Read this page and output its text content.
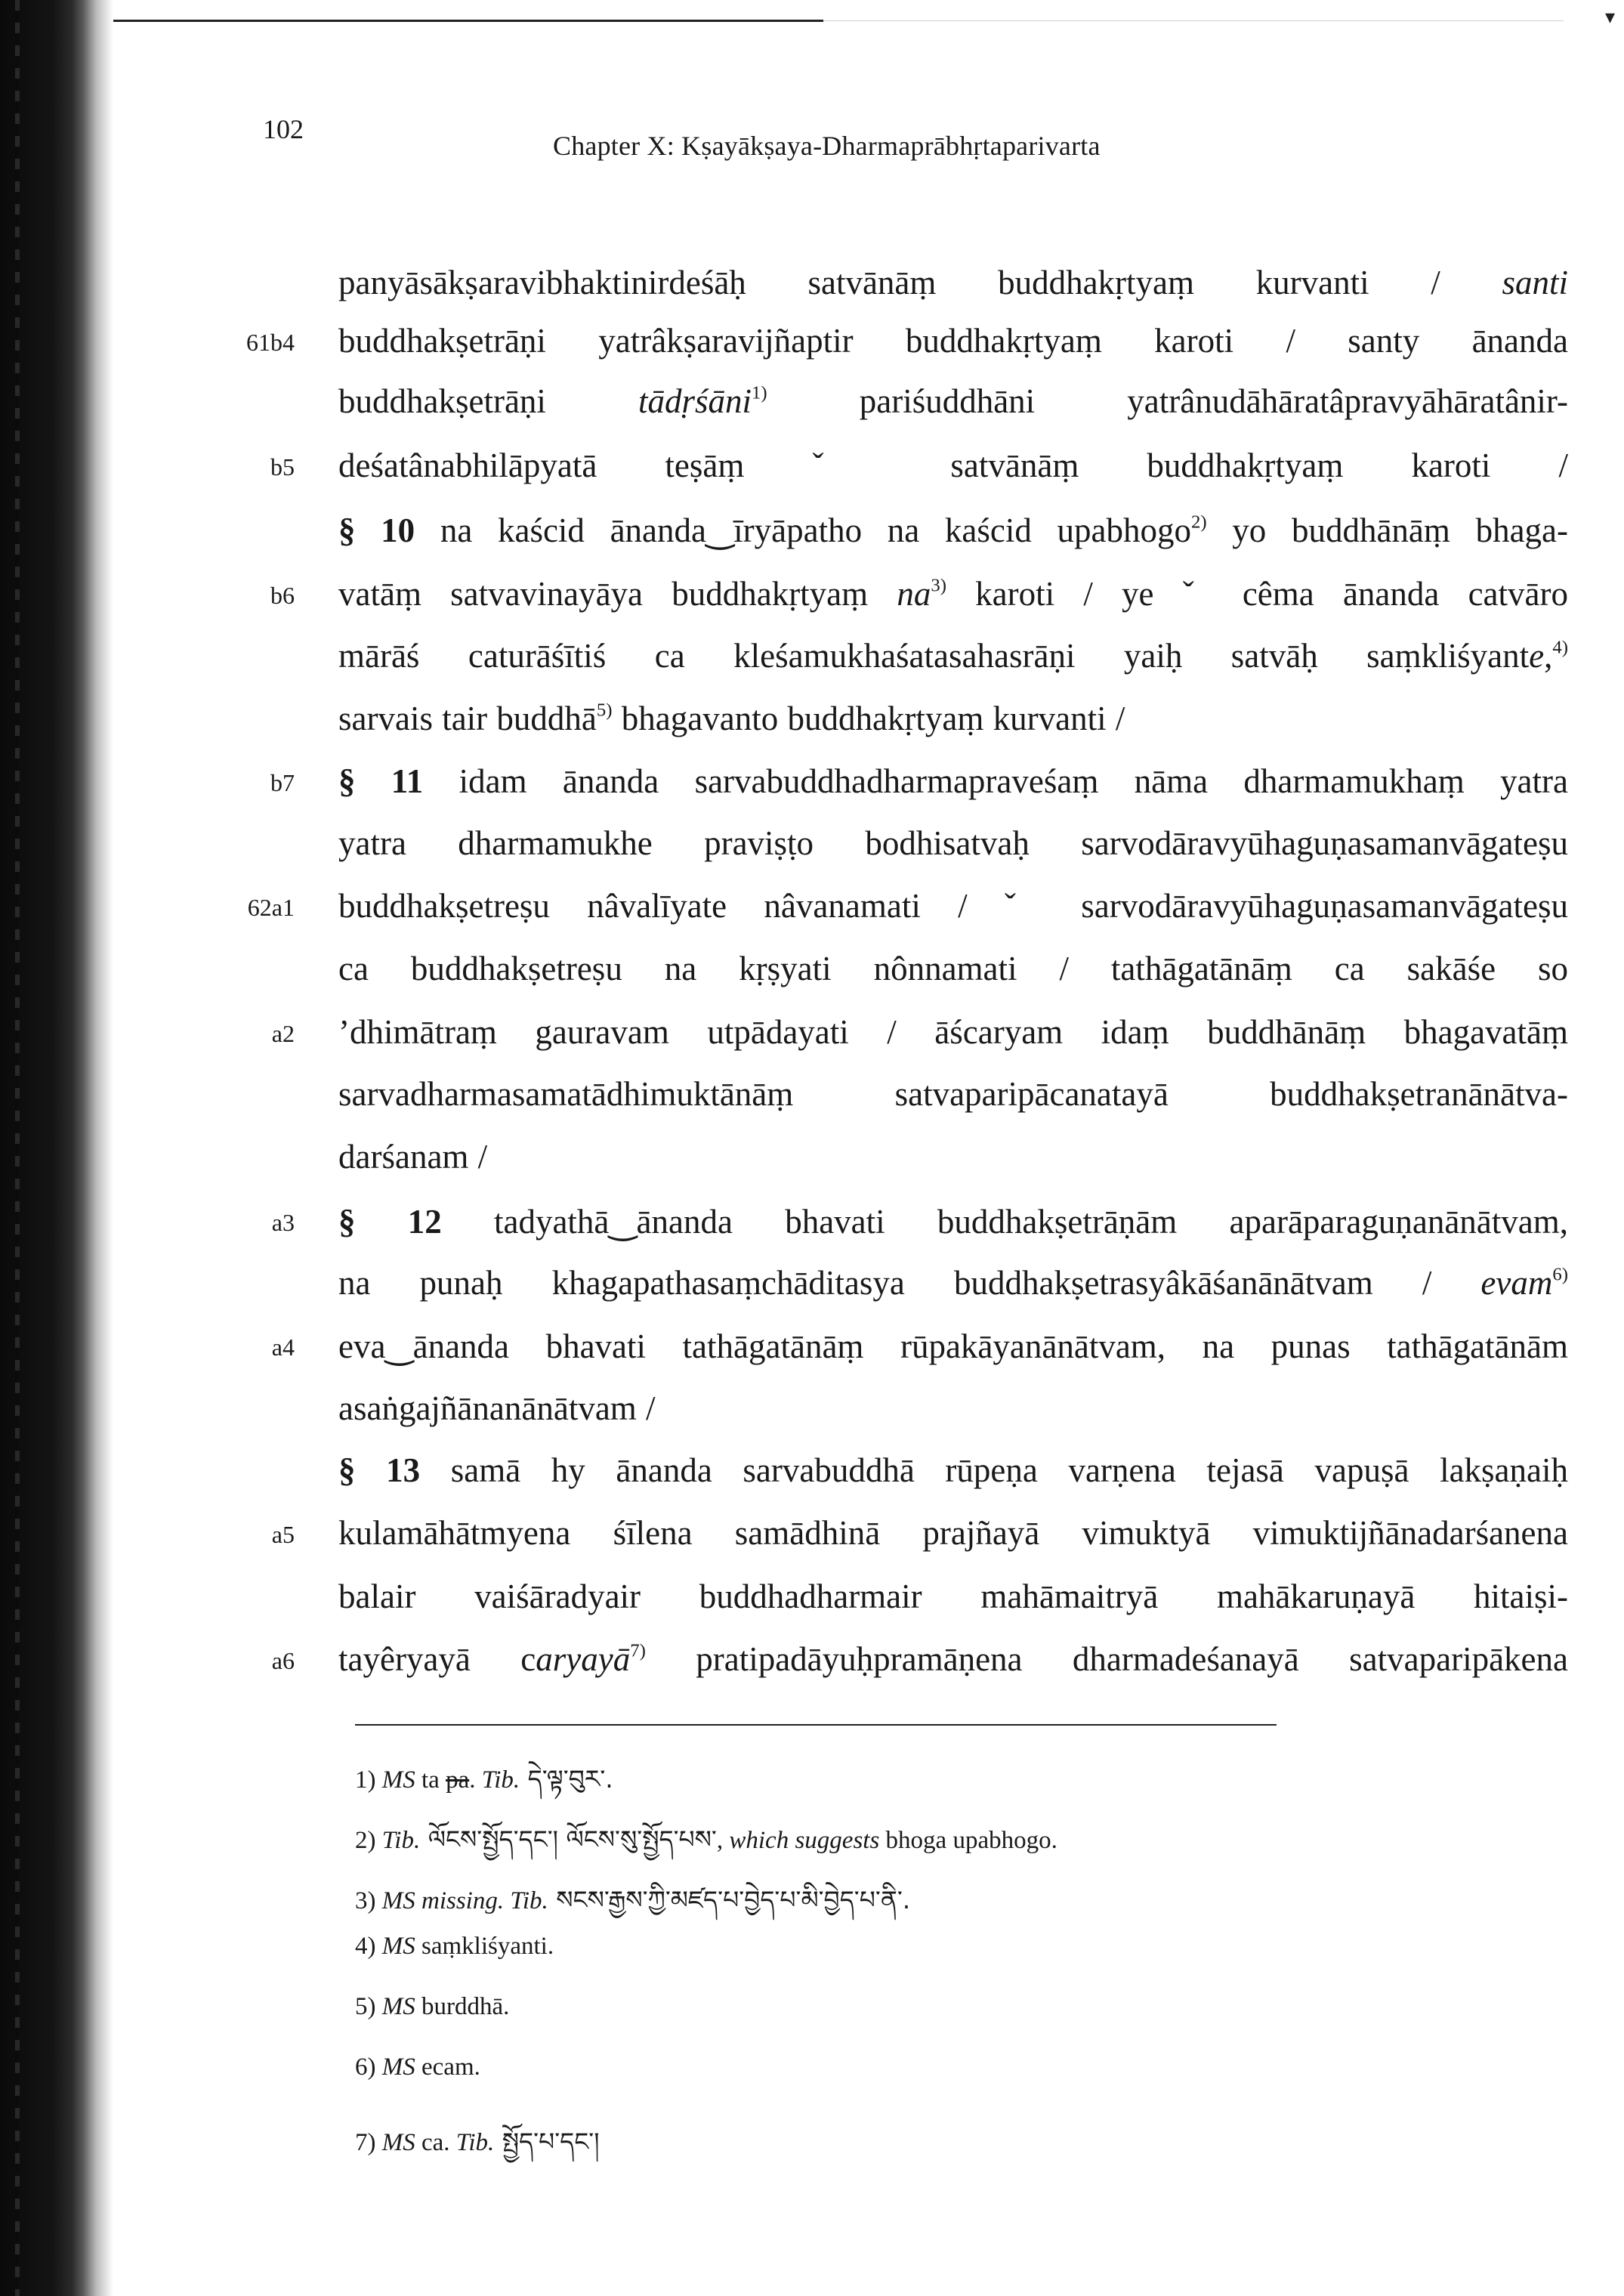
▾
102
Chapter X: Kṣayākṣaya-Dharmaprābhṛtaparivarta
panyāsākṣaravibhaktinirdeśāḥ satvānāṃ buddhakṛtyaṃ kurvanti / santi
61b4 buddhakṣetrāṇi yatrâkṣaravijñaptir buddhakṛtyaṃ karoti / santy ānanda
buddhakṣetrāṇi tādṛśāni$^{1)}$ pariśuddhāni yatrânudāhāratâpravyāhāratânir-
b5 deśatânabhilāpyatā teṣāṃ ˇ satvānāṃ buddhakṛtyaṃ karoti /
§ 10 na kaścid ānanda‿īryāpatho na kaścid upabhogo$^{2)}$ yo buddhānāṃ bhaga-
b6 vatāṃ satvavinayāya buddhakṛtyaṃ $na^{3)}$ karoti / ye ˇ cêma ānanda catvāro
mārāś caturāśītiś ca kleśamukhaśatasahasrāṇi yaiḥ satvāḥ saṃkliśyante,$^{4)}$
sarvais tair buddhā$^{5)}$ bhagavanto buddhakṛtyaṃ kurvanti /
b7 § 11 idam ānanda sarvabuddhadharmapraveśaṃ nāma dharmamukhaṃ yatra
yatra dharmamukhe praviṣṭo bodhisatvaḥ sarvodāravyūhaguṇasamanvāgateṣu
62a1 buddhakṣetreṣu nâvalīyate nâvanamati / ˇ sarvodāravyūhaguṇasamanvāgateṣu
ca buddhakṣetreṣu na kṛṣyati nônnamati / tathāgatānāṃ ca sakāśe so
a2 ’dhimātraṃ gauravam utpādayati / āścaryam idaṃ buddhānāṃ bhagavatāṃ
sarvadharmasamatādhimuktānāṃ satvaparipācanatayā buddhakṣetranānātva-
darśanam /
a3 § 12 tadyathā‿ānanda bhavati buddhakṣetrāṇām aparāparaguṇanānātvam,
na punaḥ khagapathasaṃchāditasya buddhakṣetrasyâkāśanānātvam / evam$^{6)}$
a4 eva‿ānanda bhavati tathāgatānāṃ rūpakāyanānātvam, na punas tathāgatānām
asaṅgajñānanānātvam /
§ 13 samā hy ānanda sarvabuddhā rūpeṇa varṇena tejasā vapuṣā lakṣaṇaiḥ
a5 kulamāhātmyena śīlena samādhinā prajñayā vimuktyā vimuktijñānadarśanena
balair vaiśāradyair buddhadharmair mahāmaitryā mahākaruṇayā hitaiṣi-
a6 tayêryayā caryayā$^{7)}$ pratipadāyuḥpramāṇena dharmadeśanayā satvaparipākena
1) MS ta pa. Tib. དེ་ལྟ་བུར་.
2) Tib. ལོངས་སྤྱོད་དང་། ལོངས་སུ་སྤྱོད་པས་, which suggests bhoga upabhogo.
3) MS missing. Tib. སངས་རྒྱས་ཀྱི་མཛད་པ་བྱེད་པ་མི་བྱེད་པ་ནི་.
4) MS saṃkliśyanti.
5) MS burddhā.
6) MS ecam.
7) MS ca. Tib. སྤྱོད་པ་དང་།
